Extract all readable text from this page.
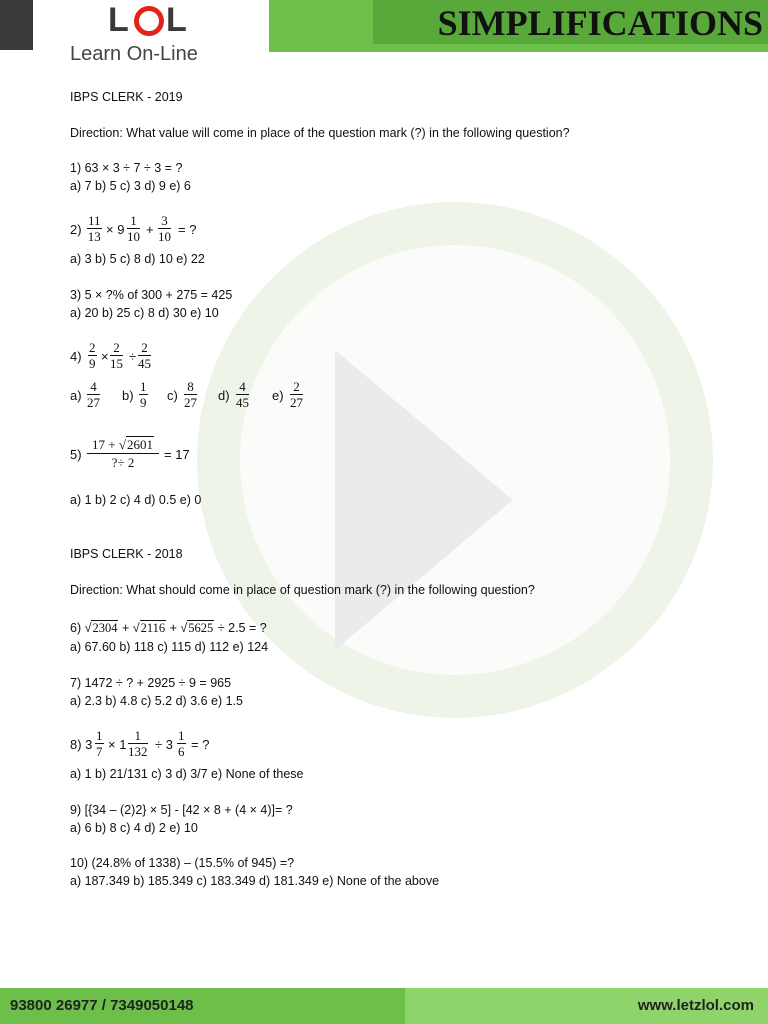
SIMPLIFICATIONS
L L
Learn On-Line
IBPS CLERK - 2019
Direction: What value will come in place of the question mark (?) in the following question?
1) 63 × 3 ÷ 7 ÷ 3 = ?
a) 7 b) 5 c) 3 d) 9 e) 6
$2) \frac{11}{13} \times 9 \frac{1}{10} + \frac{3}{10}$ = ?
a) 3 b) 5 c) 8 d) 10 e) 22
3) 5 × ?% of 300 + 275 = 425
a) 20 b) 25 c) 8 d) 30 e) 10
$4) \frac{2}{9} \times \frac{2}{15} \div \frac{2}{45}$
$a) \frac{4}{27} b) \frac{1}{9} c) \frac{8}{27} d) \frac{4}{45} e) \frac{2}{27}$
$5) \frac{17 + √2601}{?\div 2} = 17$
a) 1 b) 2 c) 4 d) 0.5 e) 0
IBPS CLERK - 2018
Direction: What should come in place of question mark (?) in the following question?
6) √2304 + √2116 + √5625 ÷ 2.5 = ?
a) 67.60 b) 118 c) 115 d) 112 e) 124
7) 1472 ÷ ? + 2925 ÷ 9 = 965
a) 2.3 b) 4.8 c) 5.2 d) 3.6 e) 1.5
8) $3 \frac{1}{7} \times 1 \frac{1}{132} \div 3 \frac{1}{6}$ = ?
a) 1 b) 21/131 c) 3 d) 3/7 e) None of these
9) [{34 – (2)2} × 5] - [42 × 8 + (4 × 4)]= ?
a) 6 b) 8 c) 4 d) 2 e) 10
10) (24.8% of 1338) – (15.5% of 945) =?
a) 187.349 b) 185.349 c) 183.349 d) 181.349 e) None of the above
93800 26977 / 7349050148	www.letzlol.com
